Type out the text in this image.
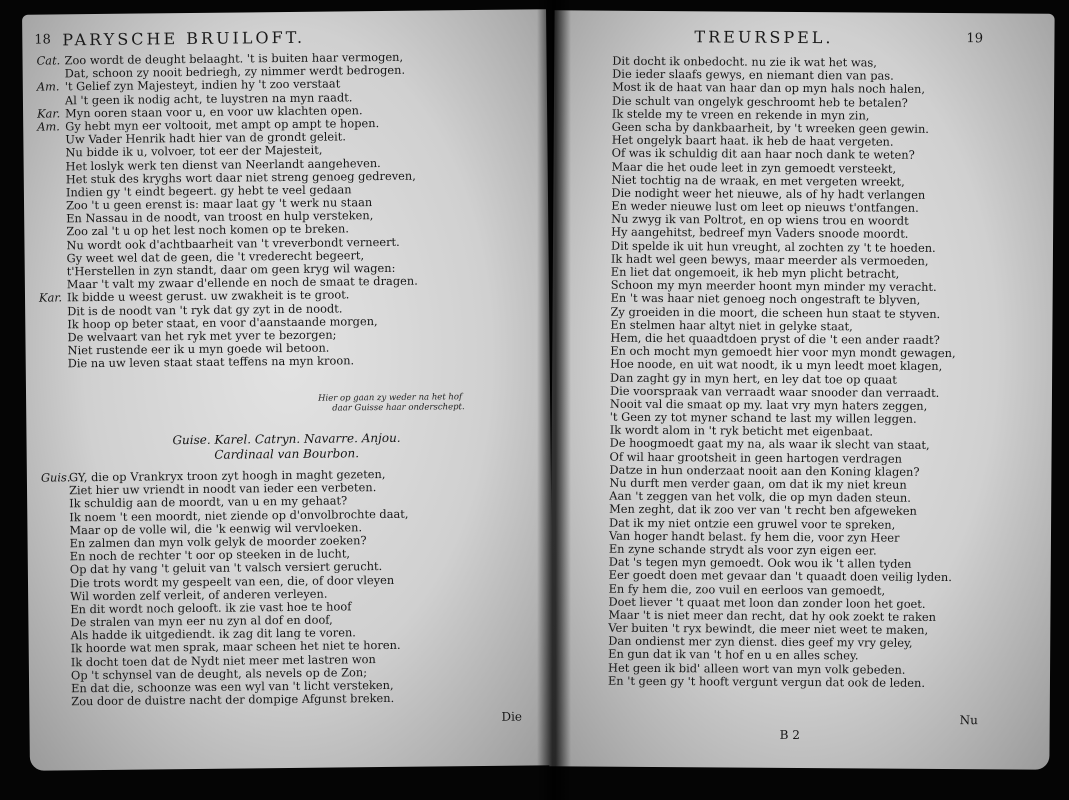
18 PARYSCHE BRUILOFT.
Cat. Zoo wordt de deught belaaght. 't is buiten haar vermogen,
Dat, schoon zy nooit bedriegh, zy nimmer werdt bedrogen.
Am. 't Gelief zyn Majesteyt, indien hy 't zoo verstaat
Al 't geen ik nodig acht, te luystren na myn raadt.
Kar. Myn ooren staan voor u, en voor uw klachten open.
Am. Gy hebt myn eer voltooit, met ampt op ampt te hopen.
Uw Vader Henrik hadt hier van de grondt geleit.
Nu bidde ik u, volvoer, tot eer der Majesteit,
Het loslyk werk ten dienst van Neerlandt aangeheven.
Het stuk des kryghs wort daar niet streng genoeg gedreven,
Indien gy 't eindt begeert. gy hebt te veel gedaan
Zoo 't u geen erenst is: maar laat gy 't werk nu staan
En Nassau in de noodt, van troost en hulp versteken,
Zoo zal 't u op het lest noch komen op te breken.
Nu wordt ook d'achtbaarheit van 't vreverbondt verneert.
Gy weet wel dat de geen, die 't vrederecht begeert,
t'Herstellen in zyn standt, daar om geen kryg wil wagen:
Maar 't valt my zwaar d'ellende en noch de smaat te dragen.
Kar. Ik bidde u weest gerust. uw zwakheit is te groot.
Dit is de noodt van 't ryk dat gy zyt in de noodt.
Ik hoop op beter staat, en voor d'aanstaande morgen,
De welvaart van het ryk met yver te bezorgen;
Niet rustende eer ik u myn goede wil betoon.
Die na uw leven staat staat teffens na myn kroon.
Hier op gaan zy weder na het hof
daar Guisse haar onderschept.
Guise. Karel. Catryn. Navarre. Anjou.
Cardinaal van Bourbon.
Guis.GY, die op Vrankryx troon zyt hoogh in maght gezeten,
Ziet hier uw vriendt in noodt van ieder een verbeten.
Ik schuldig aan de moordt, van u en my gehaat?
Ik noem 't een moordt, niet ziende op d'onvolbrochte daat,
Maar op de volle wil, die 'k eenwig wil vervloeken.
En zalmen dan myn volk gelyk de moorder zoeken?
En noch de rechter 't oor op steeken in de lucht,
Op dat hy vang 't geluit van 't valsch versiert gerucht.
Die trots wordt my gespeelt van een, die, of door vleyen
Wil worden zelf verleit, of anderen verleyen.
En dit wordt noch gelooft. ik zie vast hoe te hoof
De stralen van myn eer nu zyn al dof en doof,
Als hadde ik uitgediendt. ik zag dit lang te voren.
Ik hoorde wat men sprak, maar scheen het niet te horen.
Ik docht toen dat de Nydt niet meer met lastren won
Op 't schynsel van de deught, als nevels op de Zon;
En dat die, schoonze was een wyl van 't licht versteken,
Zou door de duistre nacht der dompige Afgunst breken.
Die
TREURSPEL.	19
Dit docht ik onbedocht. nu zie ik wat het was,
Die ieder slaafs gewys, en niemant dien van pas.
Most ik de haat van haar dan op myn hals noch halen,
Die schult van ongelyk geschroomt heb te betalen?
Ik stelde my te vreen en rekende in myn zin,
Geen scha by dankbaarheit, by 't wreeken geen gewin.
Het ongelyk baart haat. ik heb de haat vergeten.
Of was ik schuldig dit aan haar noch dank te weten?
Maar die het oude leet in zyn gemoedt versteekt,
Niet tochtig na de wraak, en met vergeten wreekt,
Die nodight weer het nieuwe, als of hy hadt verlangen
En weder nieuwe lust om leet op nieuws t'ontfangen.
Nu zwyg ik van Poltrot, en op wiens trou en woordt
Hy aangehitst, bedreef myn Vaders snoode moordt.
Dit spelde ik uit hun vreught, al zochten zy 't te hoeden.
Ik hadt wel geen bewys, maar meerder als vermoeden,
En liet dat ongemoeit, ik heb myn plicht betracht,
Schoon my myn meerder hoont myn minder my veracht.
En 't was haar niet genoeg noch ongestraft te blyven,
Zy groeiden in die moort, die scheen hun staat te styven.
En stelmen haar altyt niet in gelyke staat,
Hem, die het quaadtdoen pryst of die 't een ander raadt?
En och mocht myn gemoedt hier voor myn mondt gewagen,
Hoe noode, en uit wat noodt, ik u myn leedt moet klagen,
Dan zaght gy in myn hert, en ley dat toe op quaat
Die voorspraak van verraadt waar snooder dan verraadt.
Nooit val die smaat op my. laat vry myn haters zeggen,
't Geen zy tot myner schand te last my willen leggen.
Ik wordt alom in 't ryk beticht met eigenbaat.
De hoogmoedt gaat my na, als waar ik slecht van staat,
Of wil haar grootsheit in geen hartogen verdragen
Datze in hun onderzaat nooit aan den Koning klagen?
Nu durft men verder gaan, om dat ik my niet kreun
Aan 't zeggen van het volk, die op myn daden steun.
Men zeght, dat ik zoo ver van 't recht ben afgeweken
Dat ik my niet ontzie een gruwel voor te spreken,
Van hoger handt belast. fy hem die, voor zyn Heer
En zyne schande strydt als voor zyn eigen eer.
Dat 's tegen myn gemoedt. Ook wou ik 't allen tyden
Eer goedt doen met gevaar dan 't quaadt doen veilig lyden.
En fy hem die, zoo vuil en eerloos van gemoedt,
Doet liever 't quaat met loon dan zonder loon het goet.
Maar 't is niet meer dan recht, dat hy ook zoekt te raken
Ver buiten 't ryx bewindt, die meer niet weet te maken,
Dan ondienst mer zyn dienst. dies geef my vry geley,
En gun dat ik van 't hof en u en alles schey.
Het geen ik bid' alleen wort van myn volk gebeden.
En 't geen gy 't hooft vergunt vergun dat ook de leden.
B 2
Nu
